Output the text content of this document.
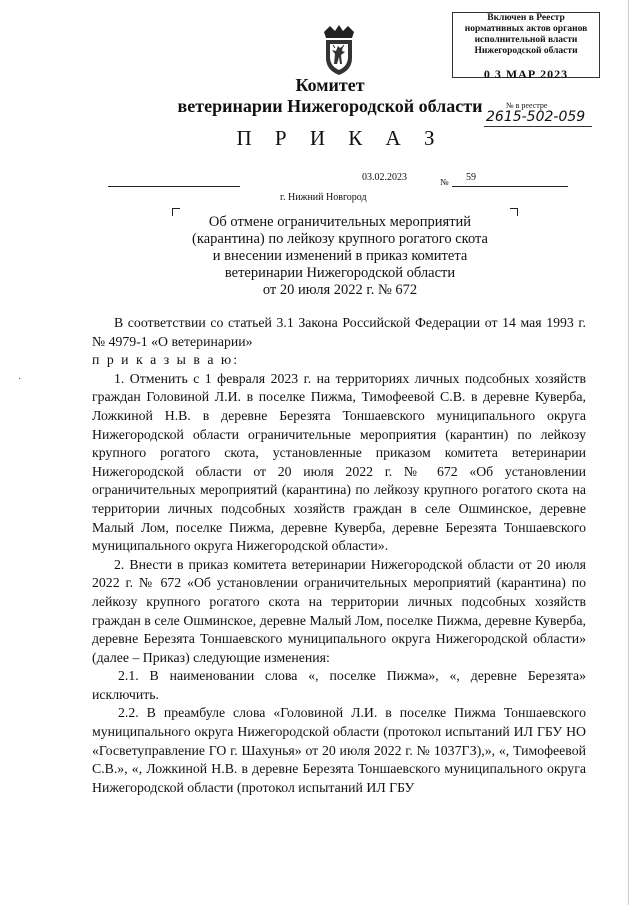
Комитет
ветеринарии Нижегородской области
П Р И К А З
03.02.2023	№ 59
г. Нижний Новгород
Включен в Реестр
нормативных актов органов
исполнительной власти
Нижегородской области
0 3 МАР 2023
№ в реестре
2615-502-059
Об отмене ограничительных мероприятий
(карантина) по лейкозу крупного рогатого скота
и внесении изменений в приказ комитета
ветеринарии Нижегородской области
от 20 июля 2022 г. № 672
·

В соответствии со статьей 3.1 Закона Российской Федерации от 14 мая 1993 г. № 4979-1 «О ветеринарии»

п р и к а з ы в а ю:

1. Отменить с 1 февраля 2023 г. на территориях личных подсобных хозяйств граждан Головиной Л.И. в поселке Пижма, Тимофеевой С.В. в деревне Куверба, Ложкиной Н.В. в деревне Березята Тоншаевского муниципального округа Нижегородской области ограничительные мероприятия (карантин) по лейкозу крупного рогатого скота, установленные приказом комитета ветеринарии Нижегородской области от 20 июля 2022 г. № 672 «Об установлении ограничительных мероприятий (карантина) по лейкозу крупного рогатого скота на территории личных подсобных хозяйств граждан в селе Ошминское, деревне Малый Лом, поселке Пижма, деревне Куверба, деревне Березята Тоншаевского муниципального округа Нижегородской области».

2. Внести в приказ комитета ветеринарии Нижегородской области от 20 июля 2022 г. № 672 «Об установлении ограничительных мероприятий (карантина) по лейкозу крупного рогатого скота на территории личных подсобных хозяйств граждан в селе Ошминское, деревне Малый Лом, поселке Пижма, деревне Куверба, деревне Березята Тоншаевского муниципального округа Нижегородской области» (далее – Приказ) следующие изменения:

2.1. В наименовании слова «, поселке Пижма», «, деревне Березята» исключить.

2.2. В преамбуле слова «Головиной Л.И. в поселке Пижма Тоншаевского муниципального округа Нижегородской области (протокол испытаний ИЛ ГБУ НО «Госветуправление ГО г. Шахунья» от 20 июля 2022 г. № 1037ГЗ),», «, Тимофеевой С.В.», «, Ложкиной Н.В. в деревне Березята Тоншаевского муниципального округа Нижегородской области (протокол испытаний ИЛ ГБУ
